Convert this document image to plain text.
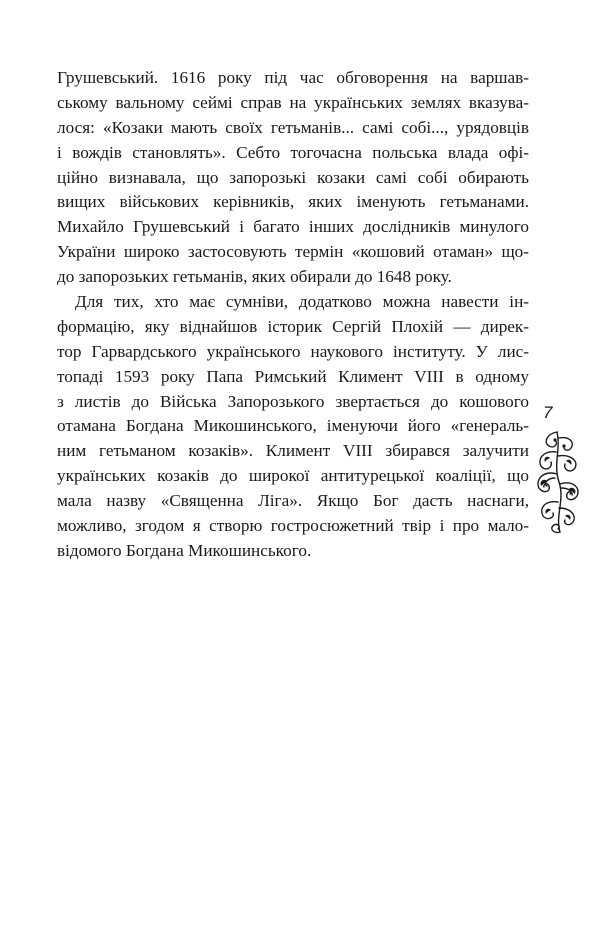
Грушевський. 1616 року під час обговорення на варшав-
ському вальному сеймі справ на українських землях вказува-
лося: «Козаки мають своїх гетьманів... самі собі..., урядовців
і вождів становлять». Себто тогочасна польська влада офі-
ційно визнавала, що запорозькі козаки самі собі обирають
вищих військових керівників, яких іменують гетьманами.
Михайло Грушевський і багато інших дослідників минулого
України широко застосовують термін «кошовий отаман» що-
до запорозьких гетьманів, яких обирали до 1648 року.
Для тих, хто має сумніви, додатково можна навести ін-
формацію, яку віднайшов історик Сергій Плохій — дирек-
тор Гарвардського українського наукового інституту. У лис-
топаді 1593 року Папа Римський Климент VIII в одному
з листів до Війська Запорозького звертається до кошового
отамана Богдана Микошинського, іменуючи його «генераль-
ним гетьманом козаків». Климент VIII збирався залучити
українських козаків до широкої антитурецької коаліції, що
мала назву «Священна Ліга». Якщо Бог дасть наснаги,
можливо, згодом я створю гостросюжетний твір і про мало-
відомого Богдана Микошинського.
7
